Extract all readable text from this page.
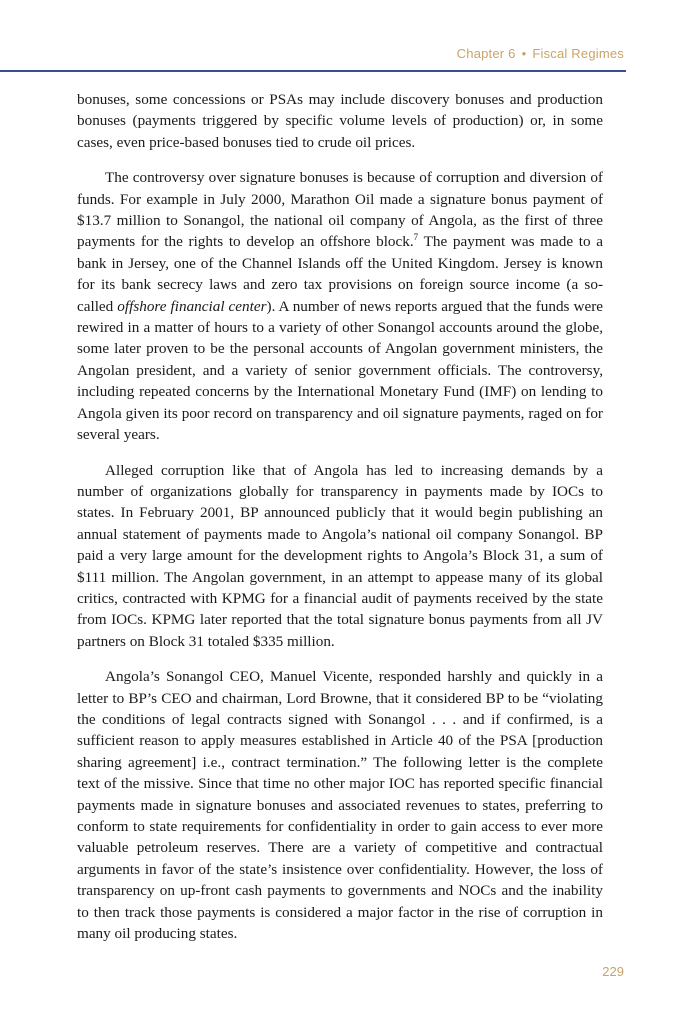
Chapter 6 • Fiscal Regimes

bonuses, some concessions or PSAs may include discovery bonuses and production bonuses (payments triggered by specific volume levels of production) or, in some cases, even price-based bonuses tied to crude oil prices.

The controversy over signature bonuses is because of corruption and diversion of funds. For example in July 2000, Marathon Oil made a signature bonus payment of $13.7 million to Sonangol, the national oil company of Angola, as the first of three payments for the rights to develop an offshore block.$^7$ The payment was made to a bank in Jersey, one of the Channel Islands off the United Kingdom. Jersey is known for its bank secrecy laws and zero tax provisions on foreign source income (a so-called offshore financial center). A number of news reports argued that the funds were rewired in a matter of hours to a variety of other Sonangol accounts around the globe, some later proven to be the personal accounts of Angolan government ministers, the Angolan president, and a variety of senior government officials. The controversy, including repeated concerns by the International Monetary Fund (IMF) on lending to Angola given its poor record on transparency and oil signature payments, raged on for several years.

Alleged corruption like that of Angola has led to increasing demands by a number of organizations globally for transparency in payments made by IOCs to states. In February 2001, BP announced publicly that it would begin publishing an annual statement of payments made to Angola’s national oil company Sonangol. BP paid a very large amount for the development rights to Angola’s Block 31, a sum of $111 million. The Angolan government, in an attempt to appease many of its global critics, contracted with KPMG for a financial audit of payments received by the state from IOCs. KPMG later reported that the total signature bonus payments from all JV partners on Block 31 totaled $335 million.

Angola’s Sonangol CEO, Manuel Vicente, responded harshly and quickly in a letter to BP’s CEO and chairman, Lord Browne, that it considered BP to be “violating the conditions of legal contracts signed with Sonangol . . . and if confirmed, is a sufficient reason to apply measures established in Article 40 of the PSA [production sharing agreement] i.e., contract termination.” The following letter is the complete text of the missive. Since that time no other major IOC has reported specific financial payments made in signature bonuses and associated revenues to states, preferring to conform to state requirements for confidentiality in order to gain access to ever more valuable petroleum reserves. There are a variety of competitive and contractual arguments in favor of the state’s insistence over confidentiality. However, the loss of transparency on up-front cash payments to governments and NOCs and the inability to then track those payments is considered a major factor in the rise of corruption in many oil producing states.

229
